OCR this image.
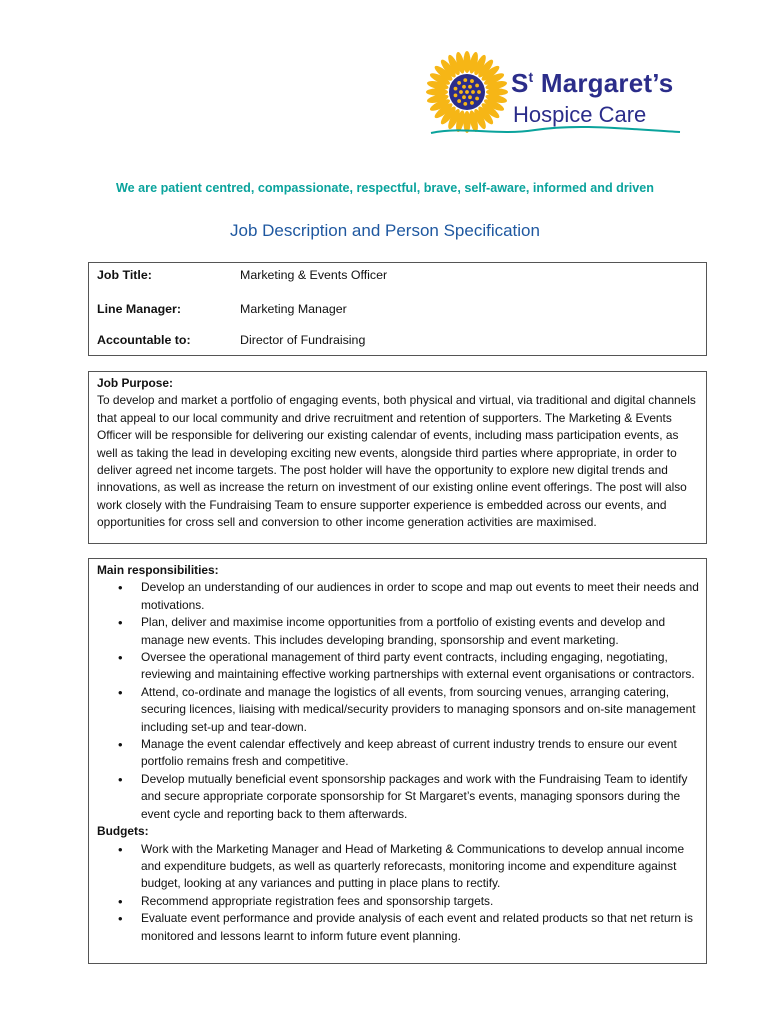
$S^t$ Margaret’s
Hospice Care
We are patient centred, compassionate, respectful, brave, self-aware, informed and driven
Job Description and Person Specification
Job Title:	Marketing & Events Officer
Line Manager:	Marketing Manager
Accountable to:	Director of Fundraising
Job Purpose:
To develop and market a portfolio of engaging events, both physical and virtual, via traditional and digital channels that appeal to our local community and drive recruitment and retention of supporters. The Marketing & Events Officer will be responsible for delivering our existing calendar of events, including mass participation events, as well as taking the lead in developing exciting new events, alongside third parties where appropriate, in order to deliver agreed net income targets. The post holder will have the opportunity to explore new digital trends and innovations, as well as increase the return on investment of our existing online event offerings. The post will also work closely with the Fundraising Team to ensure supporter experience is embedded across our events, and opportunities for cross sell and conversion to other income generation activities are maximised.
Main responsibilities:
• Develop an understanding of our audiences in order to scope and map out events to meet their needs and motivations.
• Plan, deliver and maximise income opportunities from a portfolio of existing events and develop and manage new events. This includes developing branding, sponsorship and event marketing.
• Oversee the operational management of third party event contracts, including engaging, negotiating, reviewing and maintaining effective working partnerships with external event organisations or contractors.
• Attend, co-ordinate and manage the logistics of all events, from sourcing venues, arranging catering, securing licences, liaising with medical/security providers to managing sponsors and on-site management including set-up and tear-down.
• Manage the event calendar effectively and keep abreast of current industry trends to ensure our event portfolio remains fresh and competitive.
• Develop mutually beneficial event sponsorship packages and work with the Fundraising Team to identify and secure appropriate corporate sponsorship for St Margaret’s events, managing sponsors during the event cycle and reporting back to them afterwards.
Budgets:
• Work with the Marketing Manager and Head of Marketing & Communications to develop annual income and expenditure budgets, as well as quarterly reforecasts, monitoring income and expenditure against budget, looking at any variances and putting in place plans to rectify.
• Recommend appropriate registration fees and sponsorship targets.
• Evaluate event performance and provide analysis of each event and related products so that net return is monitored and lessons learnt to inform future event planning.
